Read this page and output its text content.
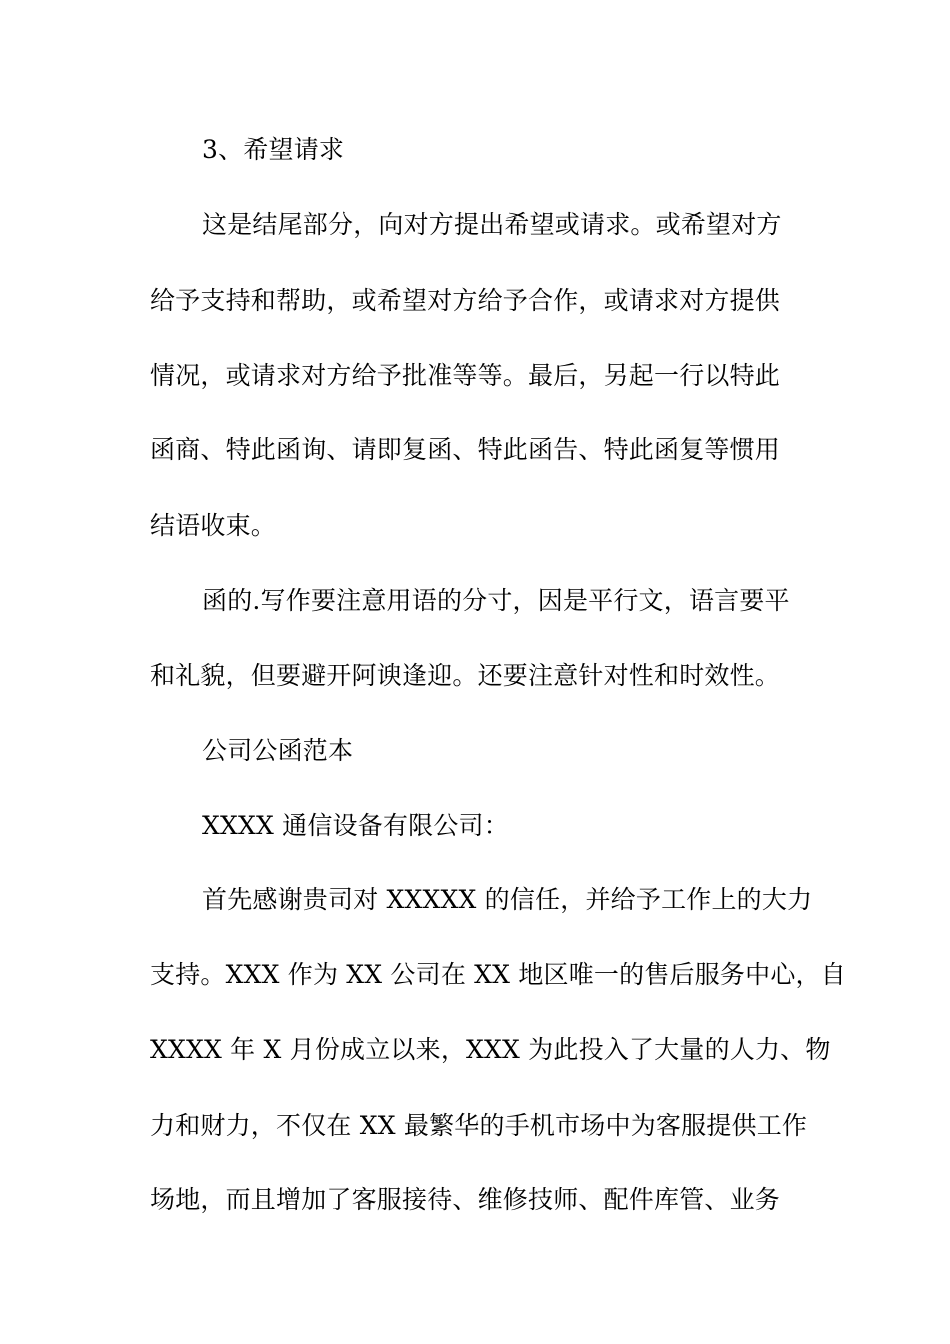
3、希望请求
这是结尾部分，向对方提出希望或请求。或希望对方
给予支持和帮助，或希望对方给予合作，或请求对方提供
情况，或请求对方给予批准等等。最后，另起一行以特此
函商、特此函询、请即复函、特此函告、特此函复等惯用
结语收束。
函的.写作要注意用语的分寸，因是平行文，语言要平
和礼貌，但要避开阿谀逢迎。还要注意针对性和时效性。
公司公函范本
XXXX 通信设备有限公司：
首先感谢贵司对 XXXXX 的信任，并给予工作上的大力
支持。XXX 作为 XX 公司在 XX 地区唯一的售后服务中心，自
XXXX 年 X 月份成立以来，XXX 为此投入了大量的人力、物
力和财力，不仅在 XX 最繁华的手机市场中为客服提供工作
场地，而且增加了客服接待、维修技师、配件库管、业务
